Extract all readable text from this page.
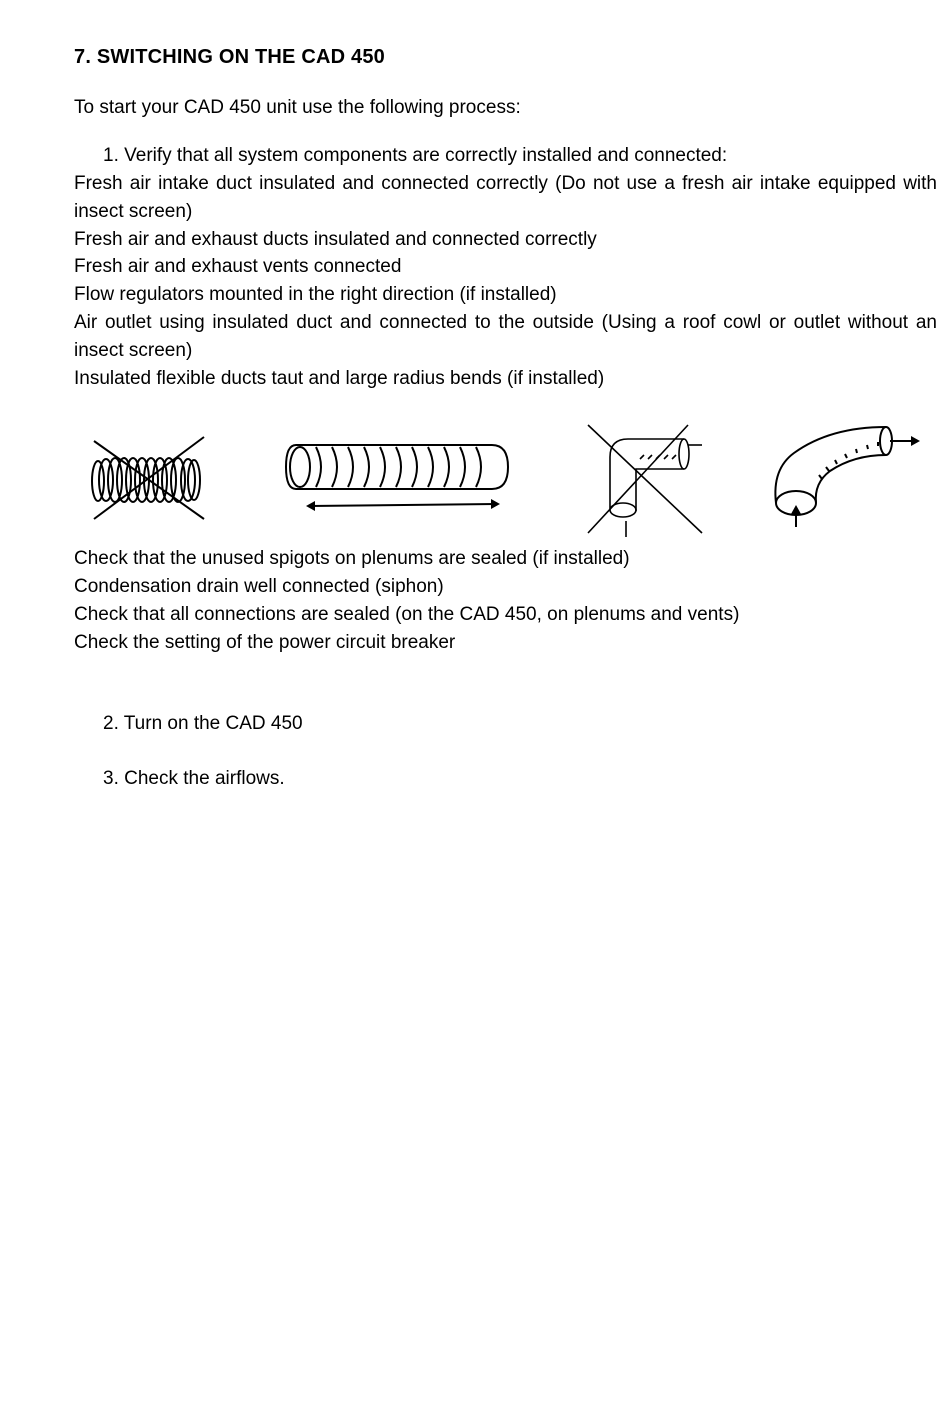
7. SWITCHING ON THE CAD 450
To start your CAD 450 unit use the following process:
1. Verify that all system components are correctly installed and connected:
Fresh air intake duct insulated and connected correctly (Do not use a fresh air intake equipped with insect screen)
Fresh air and exhaust ducts insulated and connected correctly
Fresh air and exhaust vents connected
Flow regulators mounted in the right direction (if installed)
Air outlet using insulated duct and connected to the outside (Using a roof cowl or outlet without an insect screen)
Insulated flexible ducts taut and large radius bends (if installed)
Check that the unused spigots on plenums are sealed (if installed)
Condensation drain well connected (siphon)
Check that all connections are sealed (on the CAD 450, on plenums and vents)
Check the setting of the power circuit breaker
2. Turn on the CAD 450
3. Check the airflows.
